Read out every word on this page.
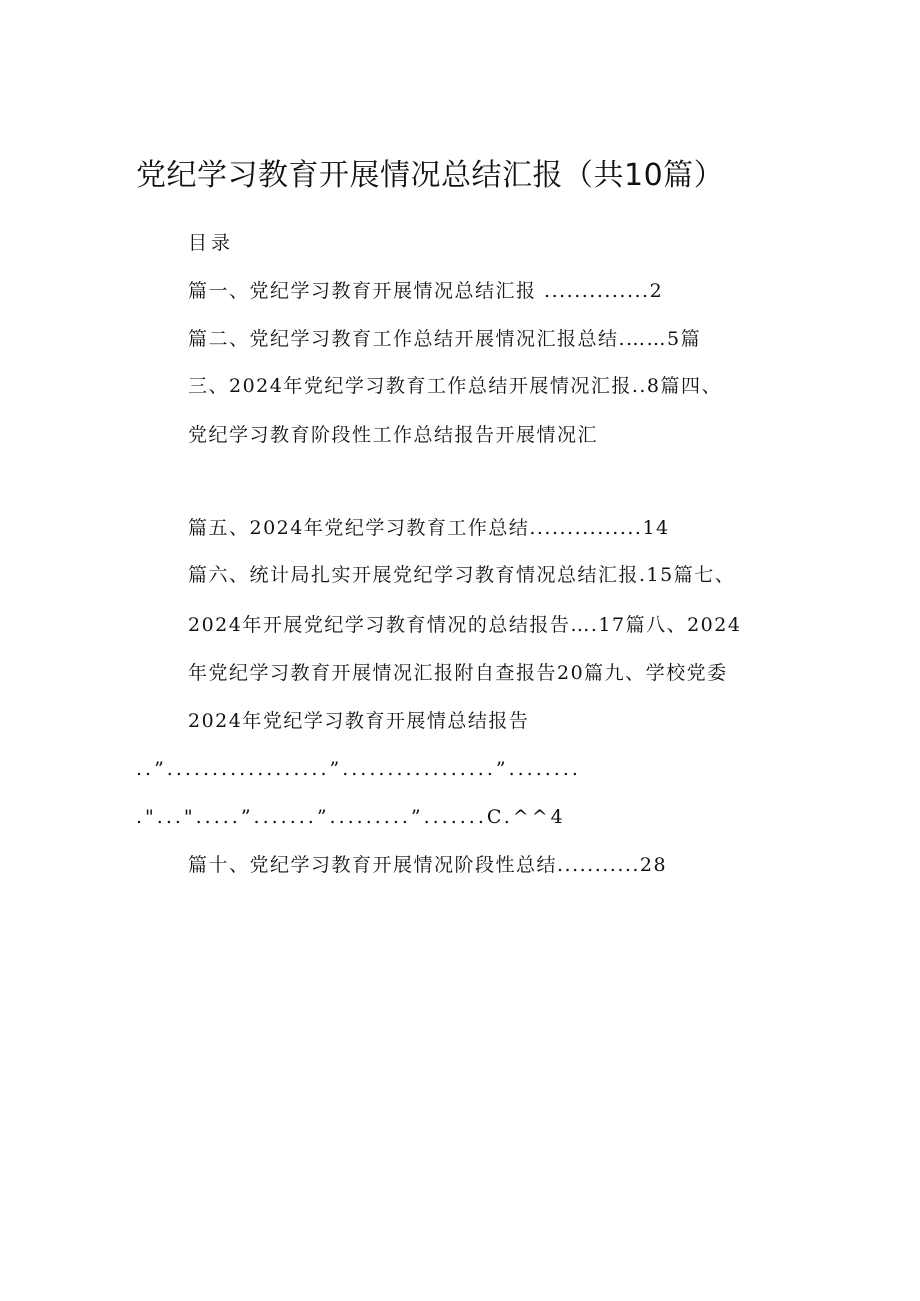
党纪学习教育开展情况总结汇报（共10篇）
目录
篇一、党纪学习教育开展情况总结汇报 ..............2
篇二、党纪学习教育工作总结开展情况汇报总结.……5篇
三、2024年党纪学习教育工作总结开展情况汇报..8篇四、
党纪学习教育阶段性工作总结报告开展情况汇
篇五、2024年党纪学习教育工作总结...............14
篇六、统计局扎实开展党纪学习教育情况总结汇报.15篇七、
2024年开展党纪学习教育情况的总结报告….17篇八、2024
年党纪学习教育开展情况汇报附自查报告20篇九、学校党委
2024年党纪学习教育开展情总结报告
..”..................”.................”........
."...".....”.......”.........”.......C.^^4
篇十、党纪学习教育开展情况阶段性总结...........28
